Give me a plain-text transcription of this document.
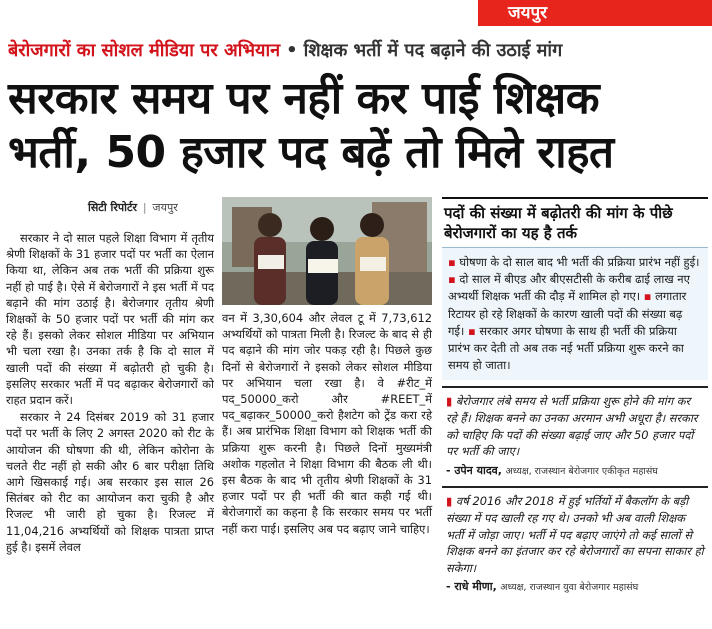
जयपुर
बेरोजगारों का सोशल मीडिया पर अभियान • शिक्षक भर्ती में पद बढ़ाने की उठाई मांग
सरकार समय पर नहीं कर पाई शिक्षक
भर्ती, 50 हजार पद बढ़ें तो मिले राहत
सिटी रिपोर्टर | जयपुर

सरकार ने दो साल पहले शिक्षा विभाग में तृतीय श्रेणी शिक्षकों के 31 हजार पदों पर भर्ती का ऐलान किया था, लेकिन अब तक भर्ती की प्रक्रिया शुरू नहीं हो पाई है। ऐसे में बेरोजगारों ने इस भर्ती में पद बढ़ाने की मांग उठाई है। बेरोजगार तृतीय श्रेणी शिक्षकों के 50 हजार पदों पर भर्ती की मांग कर रहे हैं। इसको लेकर सोशल मीडिया पर अभियान भी चला रखा है। उनका तर्क है कि दो साल में खाली पदों की संख्या में बढ़ोतरी हो चुकी है। इसलिए सरकार भर्ती में पद बढ़ाकर बेरोजगारों को राहत प्रदान करें।

सरकार ने 24 दिसंबर 2019 को 31 हजार पदों पर भर्ती के लिए 2 अगस्त 2020 को रीट के आयोजन की घोषणा की थी, लेकिन कोरोना के चलते रीट नहीं हो सकी और 6 बार परीक्षा तिथि आगे खिसकाई गई। अब सरकार इस साल 26 सितंबर को रीट का आयोजन करा चुकी है और रिजल्ट भी जारी हो चुका है। रिजल्ट में 11,04,216 अभ्यर्थियों को शिक्षक पात्रता प्राप्त हुई है। इसमें लेवल

वन में 3,30,604 और लेवल टू में 7,73,612 अभ्यर्थियों को पात्रता मिली है। रिजल्ट के बाद से ही पद बढ़ाने की मांग जोर पकड़ रही है। पिछले कुछ दिनों से बेरोजगारों ने इसको लेकर सोशल मीडिया पर अभियान चला रखा है। वे #रीट_में पद_50000_करो और #REET_में पद_बढ़ाकर_50000_करो हैशटेग को ट्रेंड करा रहे हैं। अब प्रारंभिक शिक्षा विभाग को शिक्षक भर्ती की प्रक्रिया शुरू करनी है। पिछले दिनों मुख्यमंत्री अशोक गहलोत ने शिक्षा विभाग की बैठक ली थी। इस बैठक के बाद भी तृतीय श्रेणी शिक्षकों के 31 हजार पदों पर ही भर्ती की बात कही गई थी। बेरोजगारों का कहना है कि सरकार समय पर भर्ती नहीं करा पाई। इसलिए अब पद बढ़ाए जाने चाहिए।

पदों की संख्या में बढ़ोतरी की मांग के पीछे बेरोजगारों का यह है तर्क
▪ घोषणा के दो साल बाद भी भर्ती की प्रक्रिया प्रारंभ नहीं हुई। ▪ दो साल में बीएड और बीएसटीसी के करीब ढाई लाख नए अभ्यर्थी शिक्षक भर्ती की दौड़ में शामिल हो गए। ▪ लगातार रिटायर हो रहे शिक्षकों के कारण खाली पदों की संख्या बढ़ गई। ▪ सरकार अगर घोषणा के साथ ही भर्ती की प्रक्रिया प्रारंभ कर देती तो अब तक नई भर्ती प्रक्रिया शुरू करने का समय हो जाता।
▮ बेरोजगार लंबे समय से भर्ती प्रक्रिया शुरू होने की मांग कर रहे हैं। शिक्षक बनने का उनका अरमान अभी अधूरा है। सरकार को चाहिए कि पदों की संख्या बढ़ाई जाए और 50 हजार पदों पर भर्ती की जाए।
- उपेन यादव, अध्यक्ष, राजस्थान बेरोजगार एकीकृत महासंघ
▮ वर्ष 2016 और 2018 में हुई भर्तियों में बैकलॉग के बड़ी संख्या में पद खाली रह गए थे। उनको भी अब वाली शिक्षक भर्ती में जोड़ा जाए। भर्ती में पद बढ़ाए जाएंगे तो कई सालों से शिक्षक बनने का इंतजार कर रहे बेरोजगारों का सपना साकार हो सकेगा।
- राधे मीणा, अध्यक्ष, राजस्थान युवा बेरोजगार महासंघ
